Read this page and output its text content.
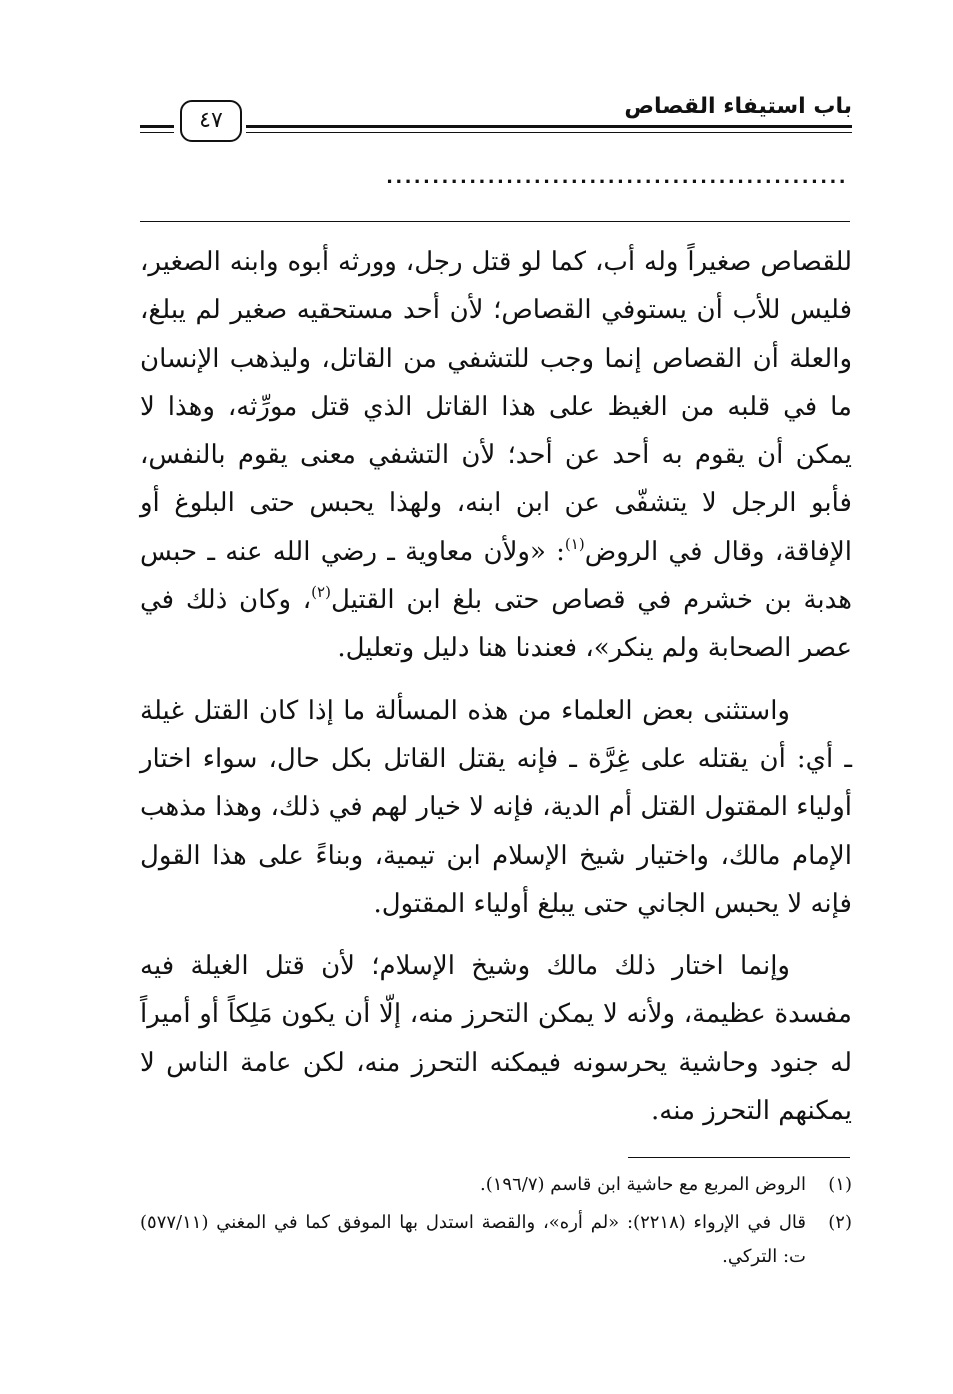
باب استيفاء القصاص
٤٧
..................................................

للقصاص صغيراً وله أب، كما لو قتل رجل، وورثه أبوه وابنه الصغير، فليس للأب أن يستوفي القصاص؛ لأن أحد مستحقيه صغير لم يبلغ، والعلة أن القصاص إنما وجب للتشفي من القاتل، وليذهب الإنسان ما في قلبه من الغيظ على هذا القاتل الذي قتل مورِّثه، وهذا لا يمكن أن يقوم به أحد عن أحد؛ لأن التشفي معنى يقوم بالنفس، فأبو الرجل لا يتشفّى عن ابن ابنه، ولهذا يحبس حتى البلوغ أو الإفاقة، وقال في الروض$^{(١)}$: «ولأن معاوية ـ رضي الله عنه ـ حبس هدبة بن خشرم في قصاص حتى بلغ ابن القتيل$^{(٢)}$، وكان ذلك في عصر الصحابة ولم ينكر»، فعندنا هنا دليل وتعليل.

واستثنى بعض العلماء من هذه المسألة ما إذا كان القتل غيلة ـ أي: أن يقتله على غِرَّة ـ فإنه يقتل القاتل بكل حال، سواء اختار أولياء المقتول القتل أم الدية، فإنه لا خيار لهم في ذلك، وهذا مذهب الإمام مالك، واختيار شيخ الإسلام ابن تيمية، وبناءً على هذا القول فإنه لا يحبس الجاني حتى يبلغ أولياء المقتول.

وإنما اختار ذلك مالك وشيخ الإسلام؛ لأن قتل الغيلة فيه مفسدة عظيمة، ولأنه لا يمكن التحرز منه، إلّا أن يكون مَلِكاً أو أميراً له جنود وحاشية يحرسونه فيمكنه التحرز منه، لكن عامة الناس لا يمكنهم التحرز منه.

(١)
الروض المربع مع حاشية ابن قاسم (١٩٦/٧).
(٢)
قال في الإرواء (٢٢١٨): «لم أره»، والقصة استدل بها الموفق كما في المغني (٥٧٧/١١) ت: التركي.
